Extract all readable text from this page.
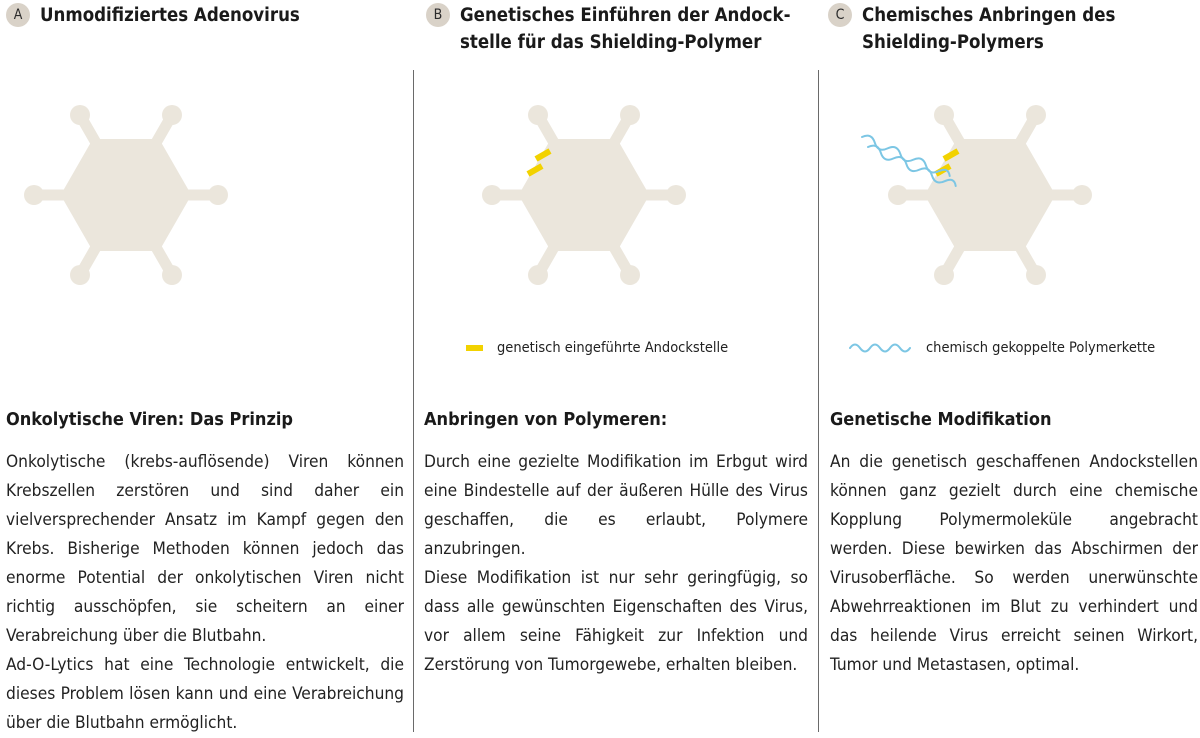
A Unmodifiziertes Adenovirus
Onkolytische Viren: Das Prinzip

Onkolytische (krebs-auflösende) Viren können Krebszellen zerstören und sind daher ein vielversprechender Ansatz im Kampf gegen den Krebs. Bisherige Methoden können jedoch das enorme Potential der onkolytischen Viren nicht richtig ausschöpfen, sie scheitern an einer Verabreichung über die Blutbahn.

Ad-O-Lytics hat eine Technologie entwickelt, die dieses Problem lösen kann und eine Verabreichung über die Blutbahn ermöglicht.

B Genetisches Einführen der Andockstelle für das Shielding-Polymer
genetisch eingeführte Andockstelle
Anbringen von Polymeren:

Durch eine gezielte Modifikation im Erbgut wird eine Bindestelle auf der äußeren Hülle des Virus geschaffen, die es erlaubt, Polymere anzubringen.

Diese Modifikation ist nur sehr geringfügig, so dass alle gewünschten Eigenschaften des Virus, vor allem seine Fähigkeit zur Infektion und Zerstörung von Tumorgewebe, erhalten bleiben.

C Chemisches Anbringen des Shielding-Polymers
chemisch gekoppelte Polymerkette
Genetische Modifikation

An die genetisch geschaffenen Andockstellen können ganz gezielt durch eine chemische Kopplung Polymermoleküle angebracht werden. Diese bewirken das Abschirmen der Virusoberfläche. So werden unerwünschte Abwehrreaktionen im Blut zu verhindert und das heilende Virus erreicht seinen Wirkort, Tumor und Metastasen, optimal.
